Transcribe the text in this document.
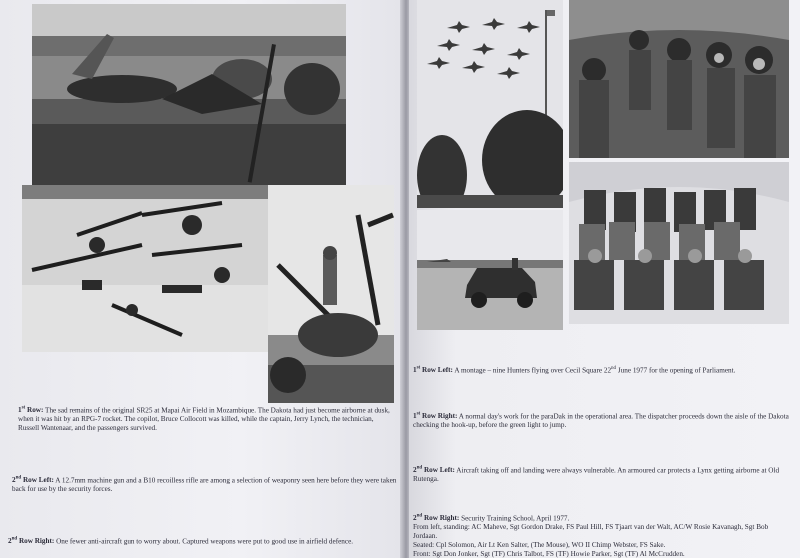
1st Row: The sad remains of the original SR25 at Mapai Air Field in Mozambique. The Dakota had just become airborne at dusk, when it was hit by an RPG-7 rocket. The copilot, Bruce Collocott was killed, while the captain, Jerry Lynch, the technician, Russell Wantenaar, and the passengers survived.
2nd Row Left: A 12.7mm machine gun and a B10 recoilless rifle are among a selection of weaponry seen here before they were taken back for use by the security forces.
2nd Row Right: One fewer anti-aircraft gun to worry about. Captured weapons were put to good use in airfield defence.
1st Row Left: A montage – nine Hunters flying over Cecil Square 22nd June 1977 for the opening of Parliament.
1st Row Right: A normal day's work for the paraDak in the operational area. The dispatcher proceeds down the aisle of the Dakota checking the hook-up, before the green light to jump.
2nd Row Left: Aircraft taking off and landing were always vulnerable. An armoured car protects a Lynx getting airborne at Old Rutenga.
2nd Row Right: Security Training School, April 1977.
From left, standing: AC Maheve, Sgt Gordon Drake, FS Paul Hill, FS Tjaart van der Walt, AC/W Rosie Kavanagh, Sgt Bob Jordaan.
Seated: Cpl Solomon, Air Lt Ken Salter, (The Mouse), WO II Chimp Webster, FS Sake.
Front: Sgt Don Jonker, Sgt (TF) Chris Talbot, FS (TF) Howie Parker, Sgt (TF) Al McCrudden.
